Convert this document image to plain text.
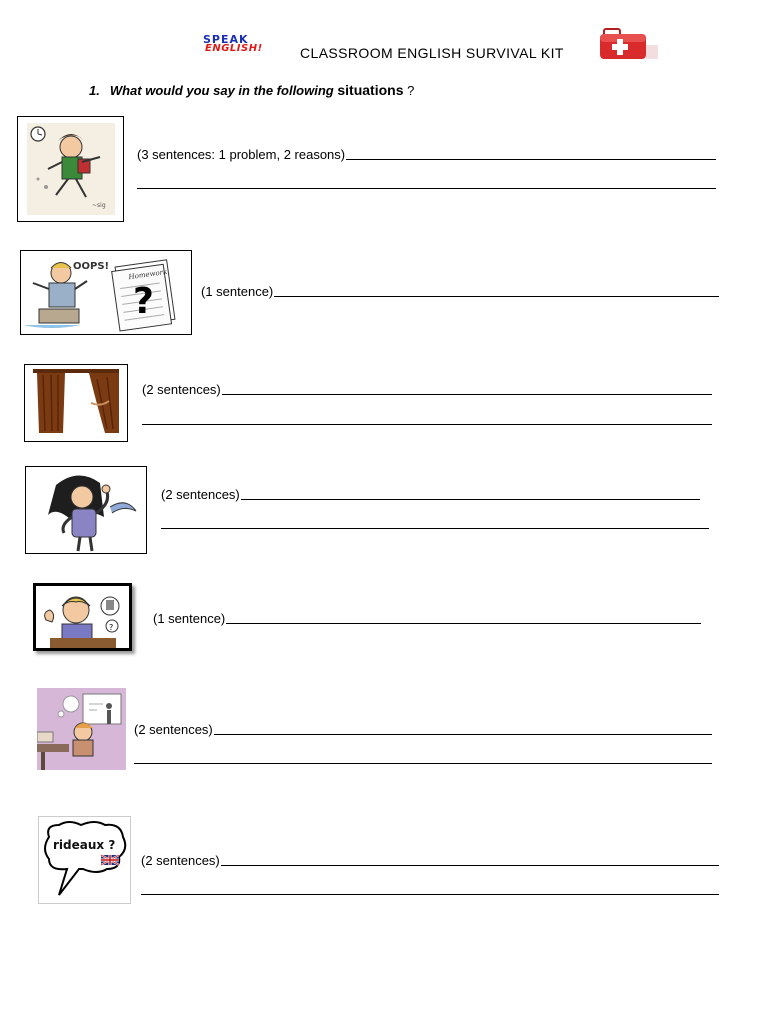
SPEAK
ENGLISH!	CLASSROOM ENGLISH SURVIVAL KIT
1. What would you say in the following situations ?
~sig
(3 sentences: 1 problem, 2 reasons)
OOPS!
Homework
?	(1 sentence)
(2 sentences)
(2 sentences)
?
(1 sentence)
(2 sentences)
rideaux ?
(2 sentences)
